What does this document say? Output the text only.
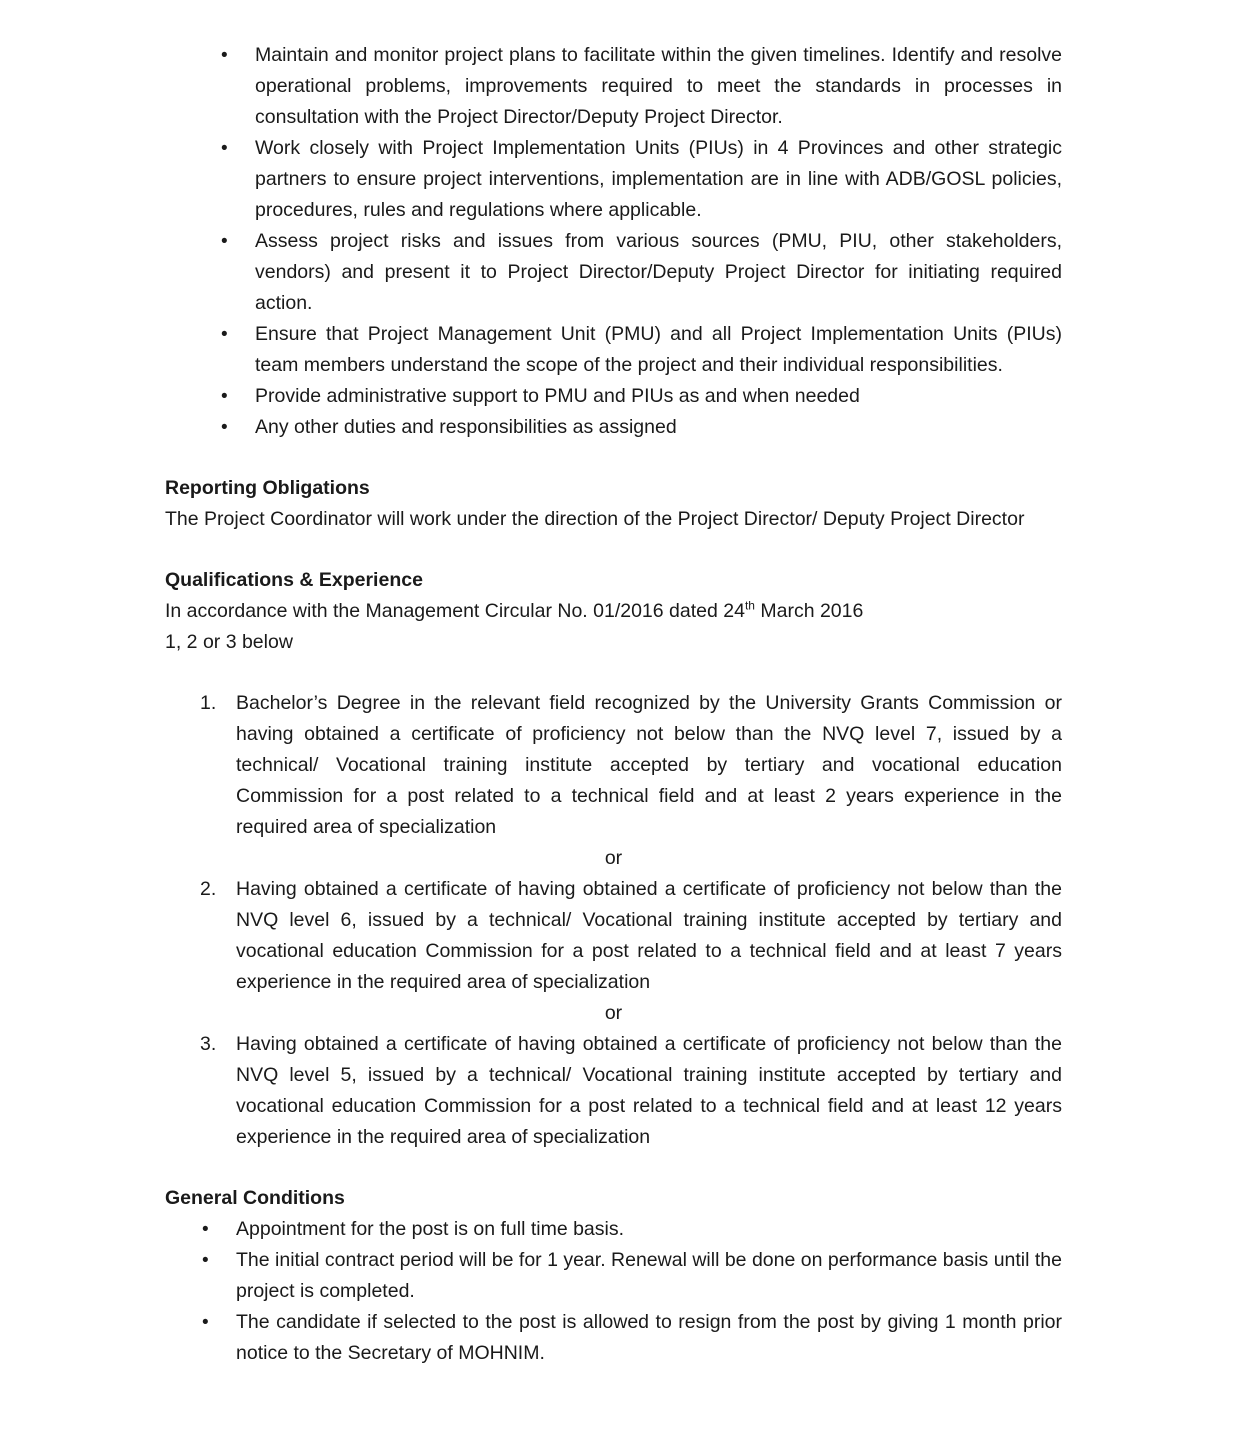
• Maintain and monitor project plans to facilitate within the given timelines. Identify and resolve operational problems, improvements required to meet the standards in processes in consultation with the Project Director/Deputy Project Director.
• Work closely with Project Implementation Units (PIUs) in 4 Provinces and other strategic partners to ensure project interventions, implementation are in line with ADB/GOSL policies, procedures, rules and regulations where applicable.
• Assess project risks and issues from various sources (PMU, PIU, other stakeholders, vendors) and present it to Project Director/Deputy Project Director for initiating required action.
• Ensure that Project Management Unit (PMU) and all Project Implementation Units (PIUs) team members understand the scope of the project and their individual responsibilities.
• Provide administrative support to PMU and PIUs as and when needed
• Any other duties and responsibilities as assigned

Reporting Obligations

The Project Coordinator will work under the direction of the Project Director/ Deputy Project Director

Qualifications & Experience

In accordance with the Management Circular No. 01/2016 dated 24th March 2016

1, 2 or 3 below

1. Bachelor’s Degree in the relevant field recognized by the University Grants Commission or having obtained a certificate of proficiency not below than the NVQ level 7, issued by a technical/ Vocational training institute accepted by tertiary and vocational education Commission for a post related to a technical field and at least 2 years experience in the required area of specialization

or

2. Having obtained a certificate of having obtained a certificate of proficiency not below than the NVQ level 6, issued by a technical/ Vocational training institute accepted by tertiary and vocational education Commission for a post related to a technical field and at least 7 years experience in the required area of specialization

or

3. Having obtained a certificate of having obtained a certificate of proficiency not below than the NVQ level 5, issued by a technical/ Vocational training institute accepted by tertiary and vocational education Commission for a post related to a technical field and at least 12 years experience in the required area of specialization

General Conditions

• Appointment for the post is on full time basis.
• The initial contract period will be for 1 year. Renewal will be done on performance basis until the project is completed.
• The candidate if selected to the post is allowed to resign from the post by giving 1 month prior notice to the Secretary of MOHNIM.
